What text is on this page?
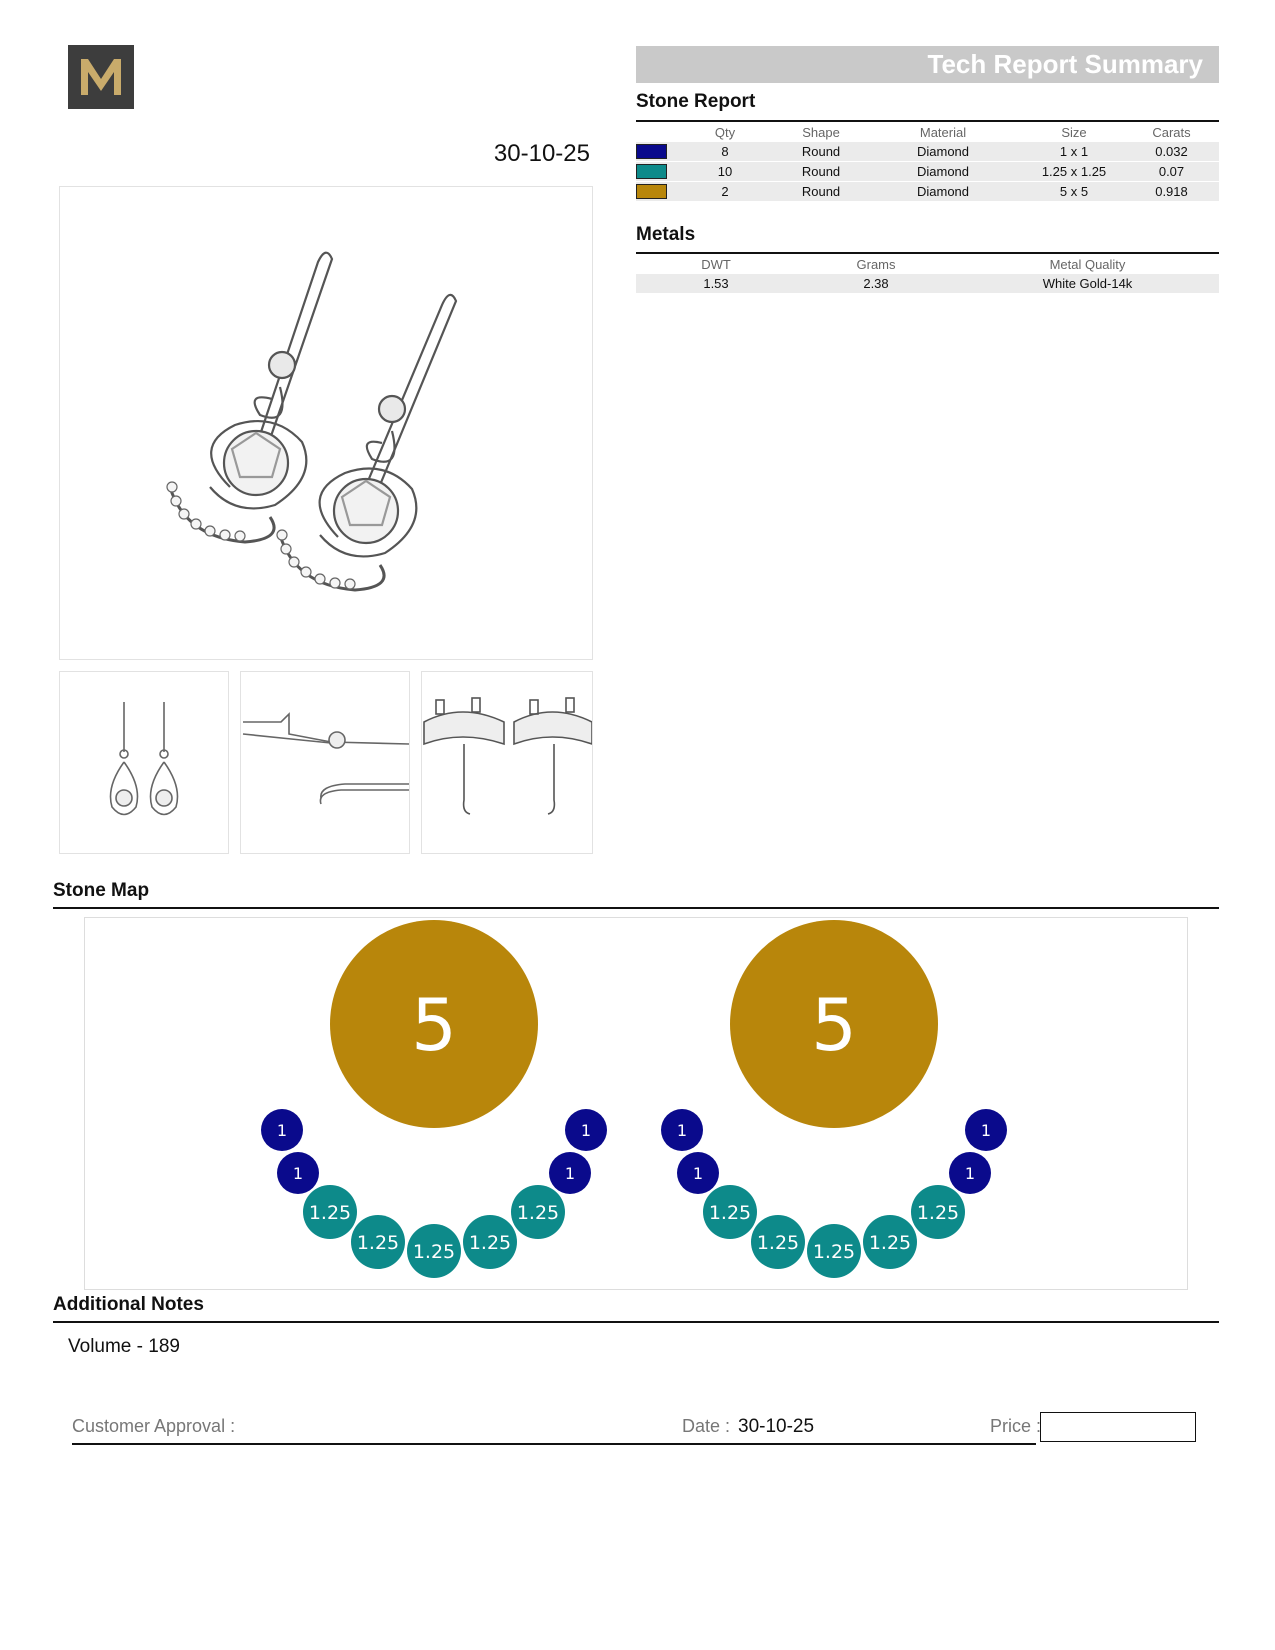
Tech Report Summary
30-10-25
Stone Report
	Qty	Shape	Material	Size	Carats

	8	Round	Diamond	1 x 1	0.032

	10	Round	Diamond	1.25 x 1.25	0.07

	2	Round	Diamond	5 x 5	0.918
Metals
DWT	Grams	Metal Quality
1.53	2.38	White Gold-14k
Stone Map
5
1
1
1
1
1.25
1.25 1.25 1.25
1.25
5
1
1
1
1
1.25
1.25 1.25 1.25
1.25
Additional Notes
Volume - 189
Customer Approval :	Date : 30-10-25	Price :
